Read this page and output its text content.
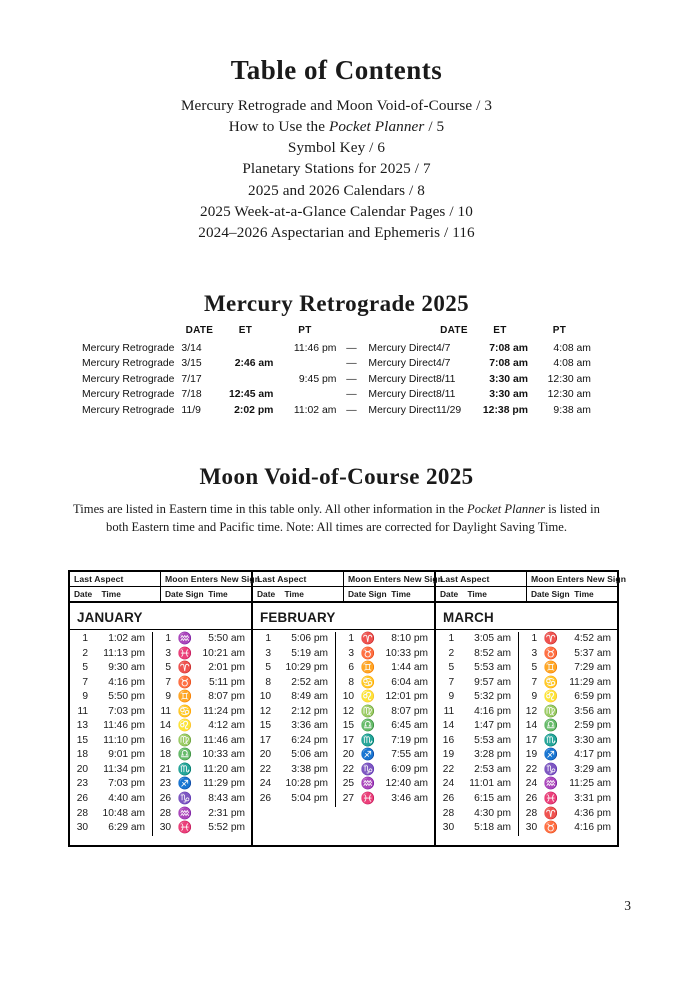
Table of Contents
Mercury Retrograde and Moon Void-of-Course / 3
How to Use the Pocket Planner / 5
Symbol Key / 6
Planetary Stations for 2025 / 7
2025 and 2026 Calendars / 8
2025 Week-at-a-Glance Calendar Pages / 10
2024–2026 Aspectarian and Ephemeris / 116
Mercury Retrograde 2025
	DATE	ET	PT			DATE	ET	PT
Mercury Retrograde	3/14		11:46 pm	—	Mercury Direct	4/7	7:08 am	4:08 am
Mercury Retrograde	3/15	2:46 am		—	Mercury Direct	4/7	7:08 am	4:08 am
Mercury Retrograde	7/17		9:45 pm	—	Mercury Direct	8/11	3:30 am	12:30 am
Mercury Retrograde	7/18	12:45 am		—	Mercury Direct	8/11	3:30 am	12:30 am
Mercury Retrograde	11/9	2:02 pm	11:02 am	—	Mercury Direct	11/29	12:38 pm	9:38 am
Moon Void-of-Course 2025
Times are listed in Eastern time in this table only. All other information in the Pocket Planner is listed in both Eastern time and Pacific time. Note: All times are corrected for Daylight Saving Time.
Last Aspect	Moon Enters New Sign
Date Time	Date Sign Time
JANUARY

1	1:02 am	1	♒	5:50 am
2	11:13 pm	3	♓	10:21 am
5	9:30 am	5	♈	2:01 pm
7	4:16 pm	7	♉	5:11 pm
9	5:50 pm	9	♊	8:07 pm
11	7:03 pm	11	♋	11:24 pm
13	11:46 pm	14	♌	4:12 am
15	11:10 pm	16	♍	11:46 am
18	9:01 pm	18	♎	10:33 am
20	11:34 pm	21	♏	11:20 am
23	7:03 pm	23	♐	11:29 pm
26	4:40 am	26	♑	8:43 am
28	10:48 am	28	♒	2:31 pm
30	6:29 am	30	♓	5:52 pm

Last Aspect	Moon Enters New Sign
Date Time	Date Sign Time
FEBRUARY

1	5:06 pm	1	♈	8:10 pm
3	5:19 am	3	♉	10:33 pm
5	10:29 pm	6	♊	1:44 am
8	2:52 am	8	♋	6:04 am
10	8:49 am	10	♌	12:01 pm
12	2:12 pm	12	♍	8:07 pm
15	3:36 am	15	♎	6:45 am
17	6:24 pm	17	♏	7:19 pm
20	5:06 am	20	♐	7:55 am
22	3:38 pm	22	♑	6:09 pm
24	10:28 pm	25	♒	12:40 am
26	5:04 pm	27	♓	3:46 am

Last Aspect	Moon Enters New Sign
Date Time	Date Sign Time
MARCH

1	3:05 am	1	♈	4:52 am
2	8:52 am	3	♉	5:37 am
5	5:53 am	5	♊	7:29 am
7	9:57 am	7	♋	11:29 am
9	5:32 pm	9	♌	6:59 pm
11	4:16 pm	12	♍	3:56 am
14	1:47 pm	14	♎	2:59 pm
16	5:53 am	17	♏	3:30 am
19	3:28 pm	19	♐	4:17 pm
22	2:53 am	22	♑	3:29 am
24	11:01 am	24	♒	11:25 am
26	6:15 am	26	♓	3:31 pm
28	4:30 pm	28	♈	4:36 pm
30	5:18 am	30	♉	4:16 pm

3
